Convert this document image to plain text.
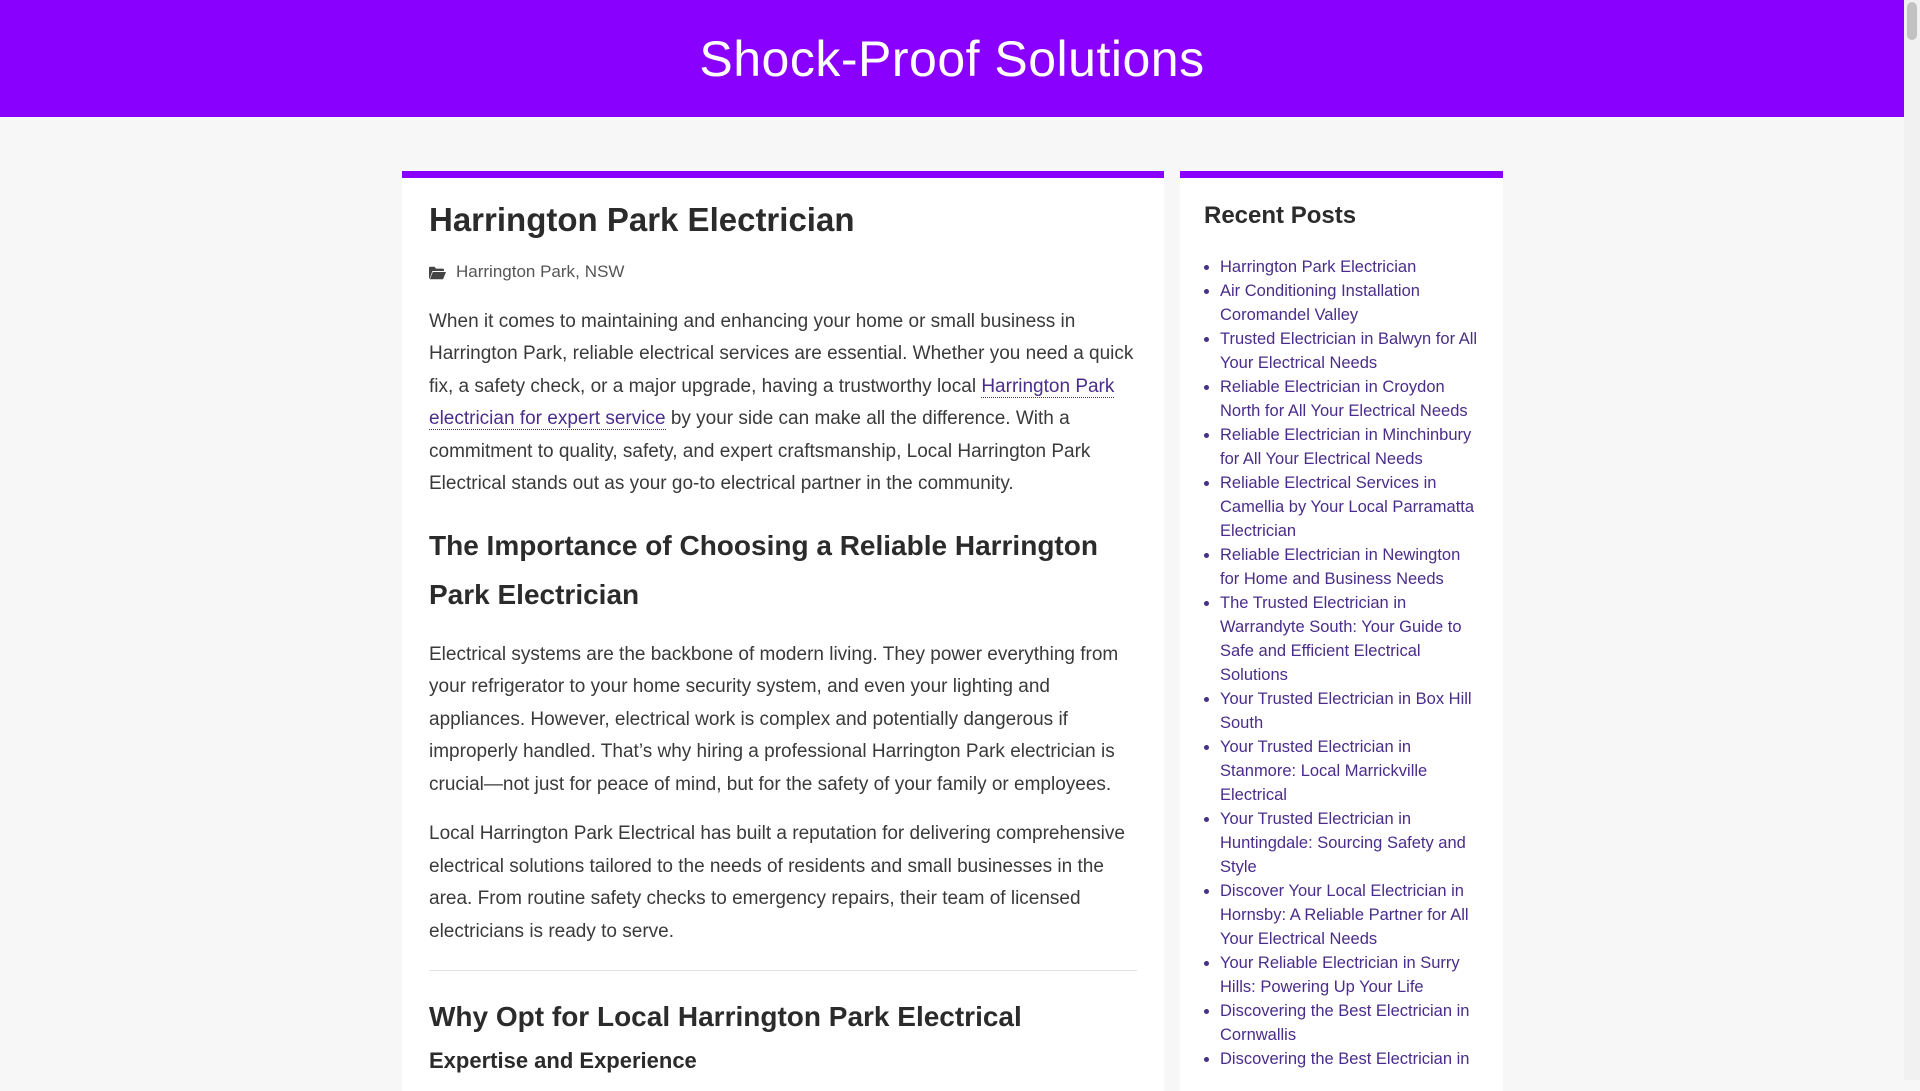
Shock-Proof Solutions
Harrington Park Electrician
Harrington Park , NSW

When it comes to maintaining and enhancing your home or small business in Harrington Park, reliable electrical services are essential. Whether you need a quick fix, a safety check, or a major upgrade, having a trustworthy local Harrington Park electrician for expert service by your side can make all the difference. With a commitment to quality, safety, and expert craftsmanship, Local Harrington Park Electrical stands out as your go-to electrical partner in the community.

The Importance of Choosing a Reliable Harrington Park Electrician

Electrical systems are the backbone of modern living. They power everything from your refrigerator to your home security system, and even your lighting and appliances. However, electrical work is complex and potentially dangerous if improperly handled. That’s why hiring a professional Harrington Park electrician is crucial—not just for peace of mind, but for the safety of your family or employees.

Local Harrington Park Electrical has built a reputation for delivering comprehensive electrical solutions tailored to the needs of residents and small businesses in the area. From routine safety checks to emergency repairs, their team of licensed electricians is ready to serve.

Why Opt for Local Harrington Park Electrical
Expertise and Experience
Recent Posts
• Harrington Park Electrician
• Air Conditioning Installation Coromandel Valley
• Trusted Electrician in Balwyn for All Your Electrical Needs
• Reliable Electrician in Croydon North for All Your Electrical Needs
• Reliable Electrician in Minchinbury for All Your Electrical Needs
• Reliable Electrical Services in Camellia by Your Local Parramatta Electrician
• Reliable Electrician in Newington for Home and Business Needs
• The Trusted Electrician in Warrandyte South: Your Guide to Safe and Efficient Electrical Solutions
• Your Trusted Electrician in Box Hill South
• Your Trusted Electrician in Stanmore: Local Marrickville Electrical
• Your Trusted Electrician in Huntingdale: Sourcing Safety and Style
• Discover Your Local Electrician in Hornsby: A Reliable Partner for All Your Electrical Needs
• Your Reliable Electrician in Surry Hills: Powering Up Your Life
• Discovering the Best Electrician in Cornwallis
• Discovering the Best Electrician in
